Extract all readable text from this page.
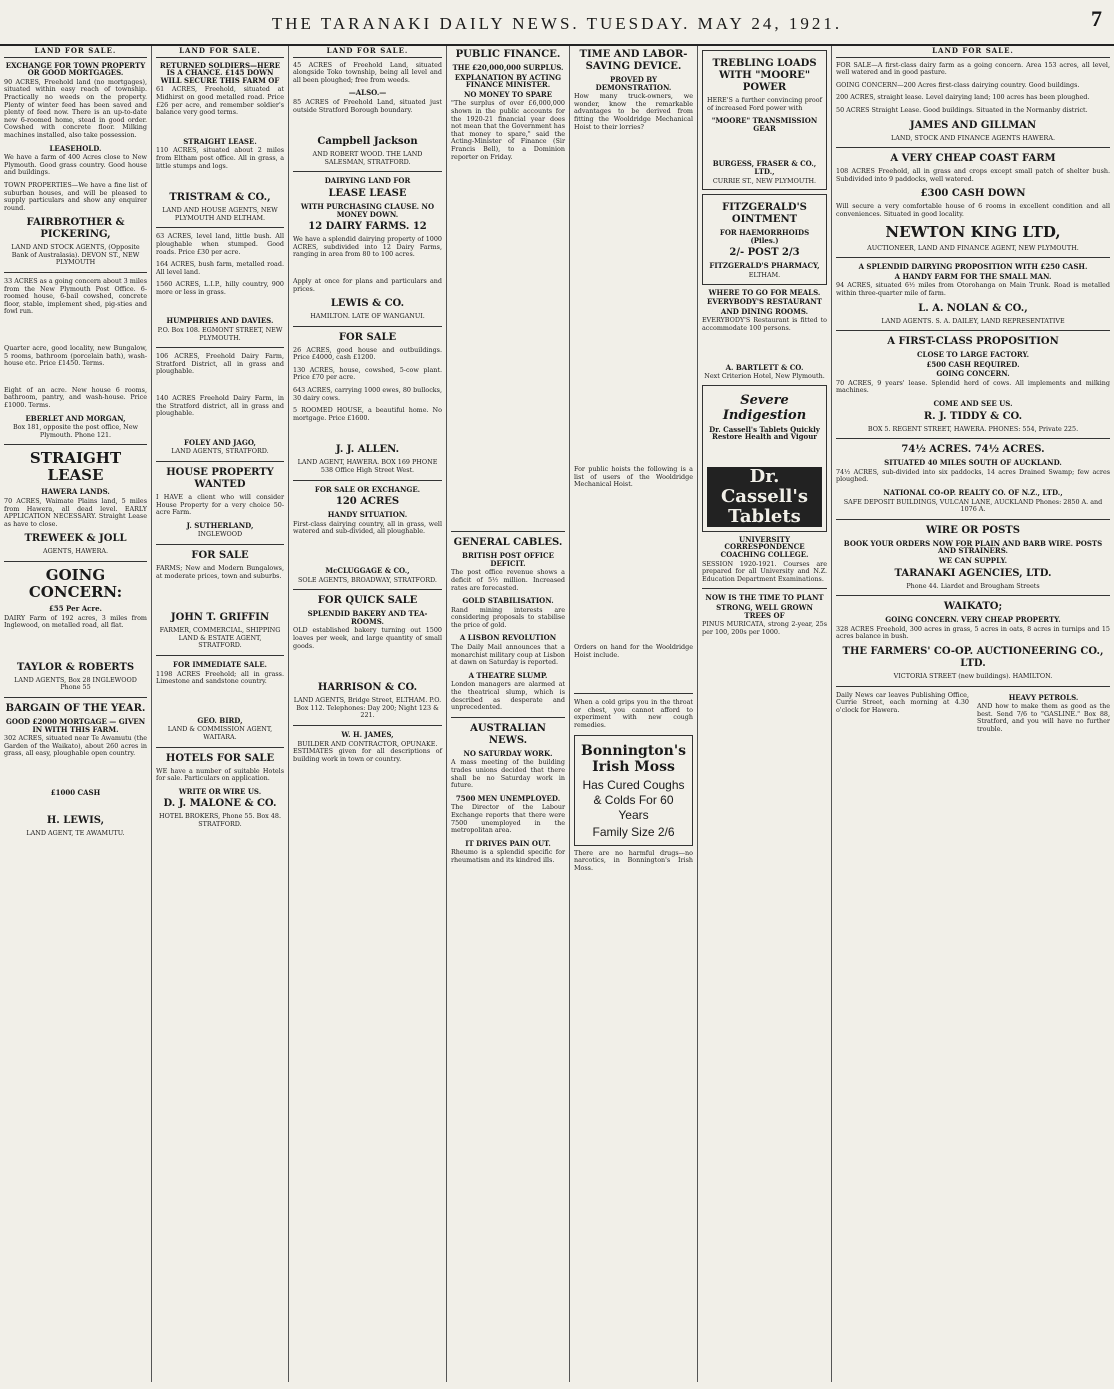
THE TARANAKI DAILY NEWS. TUESDAY. MAY 24, 1921.	7
LAND FOR SALE.
EXCHANGE FOR TOWN PROPERTY OR GOOD MORTGAGES.
90 ACRES, Freehold land (no mortgages), situated within easy reach of township. Practically no weeds on the property. Plenty of winter feed has been saved and plenty of feed now. There is an up-to-date new 6-roomed home, stead in good order. Cowshed with concrete floor. Milking machines installed, also take possession.
LEASEHOLD.
We have a farm of 400 Acres close to New Plymouth. Good grass country. Good house and buildings.
TOWN PROPERTIES—We have a fine list of suburban houses, and will be pleased to supply particulars and show any enquirer round.
FAIRBROTHER & PICKERING,
LAND AND STOCK AGENTS, (Opposite Bank of Australasia). DEVON ST., NEW PLYMOUTH
33 ACRES as a going concern about 3 miles from the New Plymouth Post Office. 6-roomed house, 6-bail cowshed, concrete floor, stable, implement shed, pig-sties and fowl run.
Quarter acre, good locality, new Bungalow, 5 rooms, bathroom (porcelain bath), wash-house etc. Price £1450. Terms.
Eight of an acre. New house 6 rooms, bathroom, pantry, and wash-house. Price £1000. Terms.
EBERLET AND MORGAN,
Box 181, opposite the post office, New Plymouth. Phone 121.
STRAIGHT LEASE
HAWERA LANDS.
70 ACRES, Waimate Plains land, 5 miles from Hawera, all dead level. EARLY APPLICATION NECESSARY. Straight Lease as have to close.
TREWEEK & JOLL
AGENTS, HAWERA.
GOING CONCERN:
£55 Per Acre.
DAIRY Farm of 192 acres, 3 miles from Inglewood, on metalled road, all flat.
TAYLOR & ROBERTS
LAND AGENTS, Box 28 INGLEWOOD Phone 55
BARGAIN OF THE YEAR.
GOOD £2000 MORTGAGE — GIVEN IN WITH THIS FARM.
302 ACRES, situated near Te Awamutu (the Garden of the Waikato), about 260 acres in grass, all easy, ploughable open country.
£1000 CASH
H. LEWIS,
LAND AGENT, TE AWAMUTU.
LAND FOR SALE.
RETURNED SOLDIERS—HERE IS A CHANCE. £145 DOWN WILL SECURE THIS FARM OF
61 ACRES, Freehold, situated at Midhirst on good metalled road. Price £26 per acre, and remember soldier's balance very good terms.
STRAIGHT LEASE.
110 ACRES, situated about 2 miles from Eltham post office. All in grass, a little stumps and logs.
TRISTRAM & CO.,
LAND AND HOUSE AGENTS, NEW PLYMOUTH AND ELTHAM.
63 ACRES, level land, little bush. All ploughable when stumped. Good roads. Price £30 per acre.
164 ACRES, bush farm, metalled road. All level land.
1560 ACRES, L.I.P., hilly country, 900 more or less in grass.
HUMPHRIES AND DAVIES.
P.O. Box 108. EGMONT STREET, NEW PLYMOUTH.
106 ACRES, Freehold Dairy Farm, Stratford District, all in grass and ploughable.
140 ACRES Freehold Dairy Farm, in the Stratford district, all in grass and ploughable.
FOLEY AND JAGO,
LAND AGENTS, STRATFORD.
HOUSE PROPERTY WANTED
I HAVE a client who will consider House Property for a very choice 50-acre Farm.
J. SUTHERLAND,
INGLEWOOD
FOR SALE
FARMS; New and Modern Bungalows, at moderate prices, town and suburbs.
JOHN T. GRIFFIN
FARMER, COMMERCIAL, SHIPPING LAND & ESTATE AGENT, STRATFORD.
FOR IMMEDIATE SALE.
1198 ACRES Freehold; all in grass. Limestone and sandstone country.
GEO. BIRD,
LAND & COMMISSION AGENT, WAITARA.
HOTELS FOR SALE
WE have a number of suitable Hotels for sale. Particulars on application.
WRITE OR WIRE US.
D. J. MALONE & CO.
HOTEL BROKERS, Phone 55. Box 48. STRATFORD.
LAND FOR SALE.
45 ACRES of Freehold Land, situated alongside Toko township, being all level and all been ploughed; free from weeds.
—ALSO.—
85 ACRES of Freehold Land, situated just outside Stratford Borough boundary.
Campbell Jackson
AND ROBERT WOOD. THE LAND SALESMAN, STRATFORD.
DAIRYING LAND FOR
LEASE LEASE
WITH PURCHASING CLAUSE. NO MONEY DOWN.
12 DAIRY FARMS. 12
We have a splendid dairying property of 1000 ACRES, subdivided into 12 Dairy Farms, ranging in area from 80 to 100 acres.
Apply at once for plans and particulars and prices.
LEWIS & CO.
HAMILTON. LATE OF WANGANUI.
FOR SALE
26 ACRES, good house and outbuildings. Price £4000, cash £1200.
130 ACRES, house, cowshed, 5-cow plant. Price £70 per acre.
643 ACRES, carrying 1000 ewes, 80 bullocks, 30 dairy cows.
5 ROOMED HOUSE, a beautiful home. No mortgage. Price £1600.
J. J. ALLEN.
LAND AGENT, HAWERA. BOX 169 PHONE 538 Office High Street West.
FOR SALE OR EXCHANGE.
120 ACRES
HANDY SITUATION.
First-class dairying country, all in grass, well watered and sub-divided, all ploughable.
McCLUGGAGE & CO.,
SOLE AGENTS, BROADWAY, STRATFORD.
FOR QUICK SALE
SPLENDID BAKERY AND TEA-ROOMS.
OLD established bakery turning out 1500 loaves per week, and large quantity of small goods.
HARRISON & CO.
LAND AGENTS, Bridge Street, ELTHAM. P.O. Box 112. Telephones: Day 200; Night 123 & 221.
W. H. JAMES,
BUILDER AND CONTRACTOR, OPUNAKE.
ESTIMATES given for all descriptions of building work in town or country.
PUBLIC FINANCE.
THE £20,000,000 SURPLUS.
EXPLANATION BY ACTING FINANCE MINISTER.
NO MONEY TO SPARE
"The surplus of over £6,000,000 shown in the public accounts for the 1920-21 financial year does not mean that the Government has that money to spare," said the Acting-Minister of Finance (Sir Francis Bell), to a Dominion reporter on Friday.
GENERAL CABLES.
BRITISH POST OFFICE DEFICIT.
The post office revenue shows a deficit of 5½ million. Increased rates are forecasted.
GOLD STABILISATION.
Rand mining interests are considering proposals to stabilise the price of gold.
A LISBON REVOLUTION
The Daily Mail announces that a monarchist military coup at Lisbon at dawn on Saturday is reported.
A THEATRE SLUMP.
London managers are alarmed at the theatrical slump, which is described as desperate and unprecedented.
AUSTRALIAN NEWS.
NO SATURDAY WORK.
A mass meeting of the building trades unions decided that there shall be no Saturday work in future.
7500 MEN UNEMPLOYED.
The Director of the Labour Exchange reports that there were 7500 unemployed in the metropolitan area.
IT DRIVES PAIN OUT.
Rheumo is a splendid specific for rheumatism and its kindred ills.
TIME AND LABOR-SAVING DEVICE.
PROVED BY DEMONSTRATION.
How many truck-owners, we wonder, know the remarkable advantages to be derived from fitting the Wooldridge Mechanical Hoist to their lorries?
For public hoists the following is a list of users of the Wooldridge Mechanical Hoist.
Orders on hand for the Wooldridge Hoist include.
When a cold grips you in the throat or chest, you cannot afford to experiment with new cough remedies.
Bonnington's Irish Moss
Has Cured Coughs & Colds For 60 Years
Family Size 2/6
There are no harmful drugs—no narcotics, in Bonnington's Irish Moss.
TREBLING LOADS WITH "MOORE" POWER
HERE'S a further convincing proof of increased Ford power with
"MOORE" TRANSMISSION GEAR
BURGESS, FRASER & CO., LTD.,
CURRIE ST., NEW PLYMOUTH.
FITZGERALD'S OINTMENT
FOR HAEMORRHOIDS (Piles.)
2/- POST 2/3
FITZGERALD'S PHARMACY,
ELTHAM.
WHERE TO GO FOR MEALS.
EVERYBODY'S RESTAURANT
AND DINING ROOMS.
EVERYBODY'S Restaurant is fitted to accommodate 100 persons.
A. BARTLETT & CO.
Next Criterion Hotel, New Plymouth.
Severe Indigestion
Dr. Cassell's Tablets Quickly Restore Health and Vigour
Dr. Cassell's Tablets
UNIVERSITY CORRESPONDENCE COACHING COLLEGE.
SESSION 1920-1921. Courses are prepared for all University and N.Z. Education Department Examinations.
NOW IS THE TIME TO PLANT
STRONG, WELL GROWN TREES OF
PINUS MURICATA, strong 2-year, 25s per 100, 200s per 1000.
LAND FOR SALE.
FOR SALE—A first-class dairy farm as a going concern. Area 153 acres, all level, well watered and in good pasture.
GOING CONCERN—200 Acres first-class dairying country. Good buildings.
200 ACRES, straight lease. Level dairying land; 100 acres has been ploughed.
50 ACRES Straight Lease. Good buildings. Situated in the Normanby district.
JAMES AND GILLMAN
LAND, STOCK AND FINANCE AGENTS HAWERA.
A VERY CHEAP COAST FARM
108 ACRES Freehold, all in grass and crops except small patch of shelter bush. Subdivided into 9 paddocks, well watered.
£300 CASH DOWN
Will secure a very comfortable house of 6 rooms in excellent condition and all conveniences. Situated in good locality.
NEWTON KING LTD,
AUCTIONEER, LAND AND FINANCE AGENT, NEW PLYMOUTH.
A SPLENDID DAIRYING PROPOSITION WITH £250 CASH.
A HANDY FARM FOR THE SMALL MAN.
94 ACRES, situated 6½ miles from Otorohanga on Main Trunk. Road is metalled within three-quarter mile of farm.
L. A. NOLAN & CO.,
LAND AGENTS. S. A. DAILEY, LAND REPRESENTATIVE
A FIRST-CLASS PROPOSITION
CLOSE TO LARGE FACTORY.
£500 CASH REQUIRED.
GOING CONCERN.
70 ACRES, 9 years' lease. Splendid herd of cows. All implements and milking machines.
COME AND SEE US.
R. J. TIDDY & CO.
BOX 5. REGENT STREET, HAWERA. PHONES: 554, Private 225.
74½ ACRES. 74½ ACRES.
SITUATED 40 MILES SOUTH OF AUCKLAND.
74½ ACRES, sub-divided into six paddocks, 14 acres Drained Swamp; few acres ploughed.
NATIONAL CO-OP. REALTY CO. OF N.Z., LTD.,
SAFE DEPOSIT BUILDINGS, VULCAN LANE, AUCKLAND Phones: 2850 A. and 1076 A.
WIRE OR POSTS
BOOK YOUR ORDERS NOW FOR PLAIN AND BARB WIRE. POSTS AND STRAINERS.
WE CAN SUPPLY.
TARANAKI AGENCIES, LTD.
Phone 44. Liardet and Brougham Streets
WAIKATO;
GOING CONCERN. VERY CHEAP PROPERTY.
328 ACRES Freehold, 300 acres in grass, 5 acres in oats, 8 acres in turnips and 15 acres balance in bush.
THE FARMERS' CO-OP. AUCTIONEERING CO., LTD.
VICTORIA STREET (new buildings). HAMILTON.
Daily News car leaves Publishing Office, Currie Street, each morning at 4.30 o'clock for Hawera.
HEAVY PETROLS.
AND how to make them as good as the best. Send 7/6 to "GASLINE." Box 88, Stratford, and you will have no further trouble.
